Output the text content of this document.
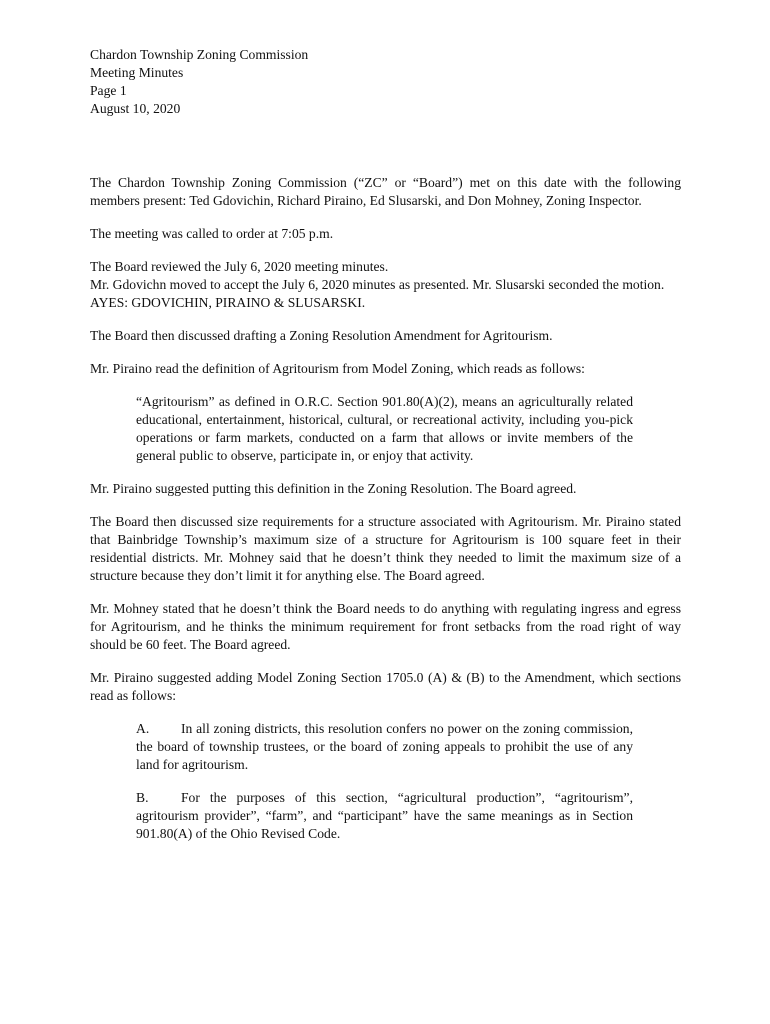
Chardon Township Zoning Commission
Meeting Minutes
Page 1
August 10, 2020

The Chardon Township Zoning Commission (“ZC” or “Board”) met on this date with the following members present: Ted Gdovichin, Richard Piraino, Ed Slusarski, and Don Mohney, Zoning Inspector.

The meeting was called to order at 7:05 p.m.

The Board reviewed the July 6, 2020 meeting minutes.

Mr. Gdovichn moved to accept the July 6, 2020 minutes as presented. Mr. Slusarski seconded the motion.

AYES: GDOVICHIN, PIRAINO & SLUSARSKI.

The Board then discussed drafting a Zoning Resolution Amendment for Agritourism.

Mr. Piraino read the definition of Agritourism from Model Zoning, which reads as follows:

“Agritourism” as defined in O.R.C. Section 901.80(A)(2), means an agriculturally related educational, entertainment, historical, cultural, or recreational activity, including you-pick operations or farm markets, conducted on a farm that allows or invite members of the general public to observe, participate in, or enjoy that activity.

Mr. Piraino suggested putting this definition in the Zoning Resolution. The Board agreed.

The Board then discussed size requirements for a structure associated with Agritourism. Mr. Piraino stated that Bainbridge Township’s maximum size of a structure for Agritourism is 100 square feet in their residential districts. Mr. Mohney said that he doesn’t think they needed to limit the maximum size of a structure because they don’t limit it for anything else. The Board agreed.

Mr. Mohney stated that he doesn’t think the Board needs to do anything with regulating ingress and egress for Agritourism, and he thinks the minimum requirement for front setbacks from the road right of way should be 60 feet. The Board agreed.

Mr. Piraino suggested adding Model Zoning Section 1705.0 (A) & (B) to the Amendment, which sections read as follows:

A. In all zoning districts, this resolution confers no power on the zoning commission, the board of township trustees, or the board of zoning appeals to prohibit the use of any land for agritourism.

B. For the purposes of this section, “agricultural production”, “agritourism”, agritourism provider”, “farm”, and “participant” have the same meanings as in Section 901.80(A) of the Ohio Revised Code.
